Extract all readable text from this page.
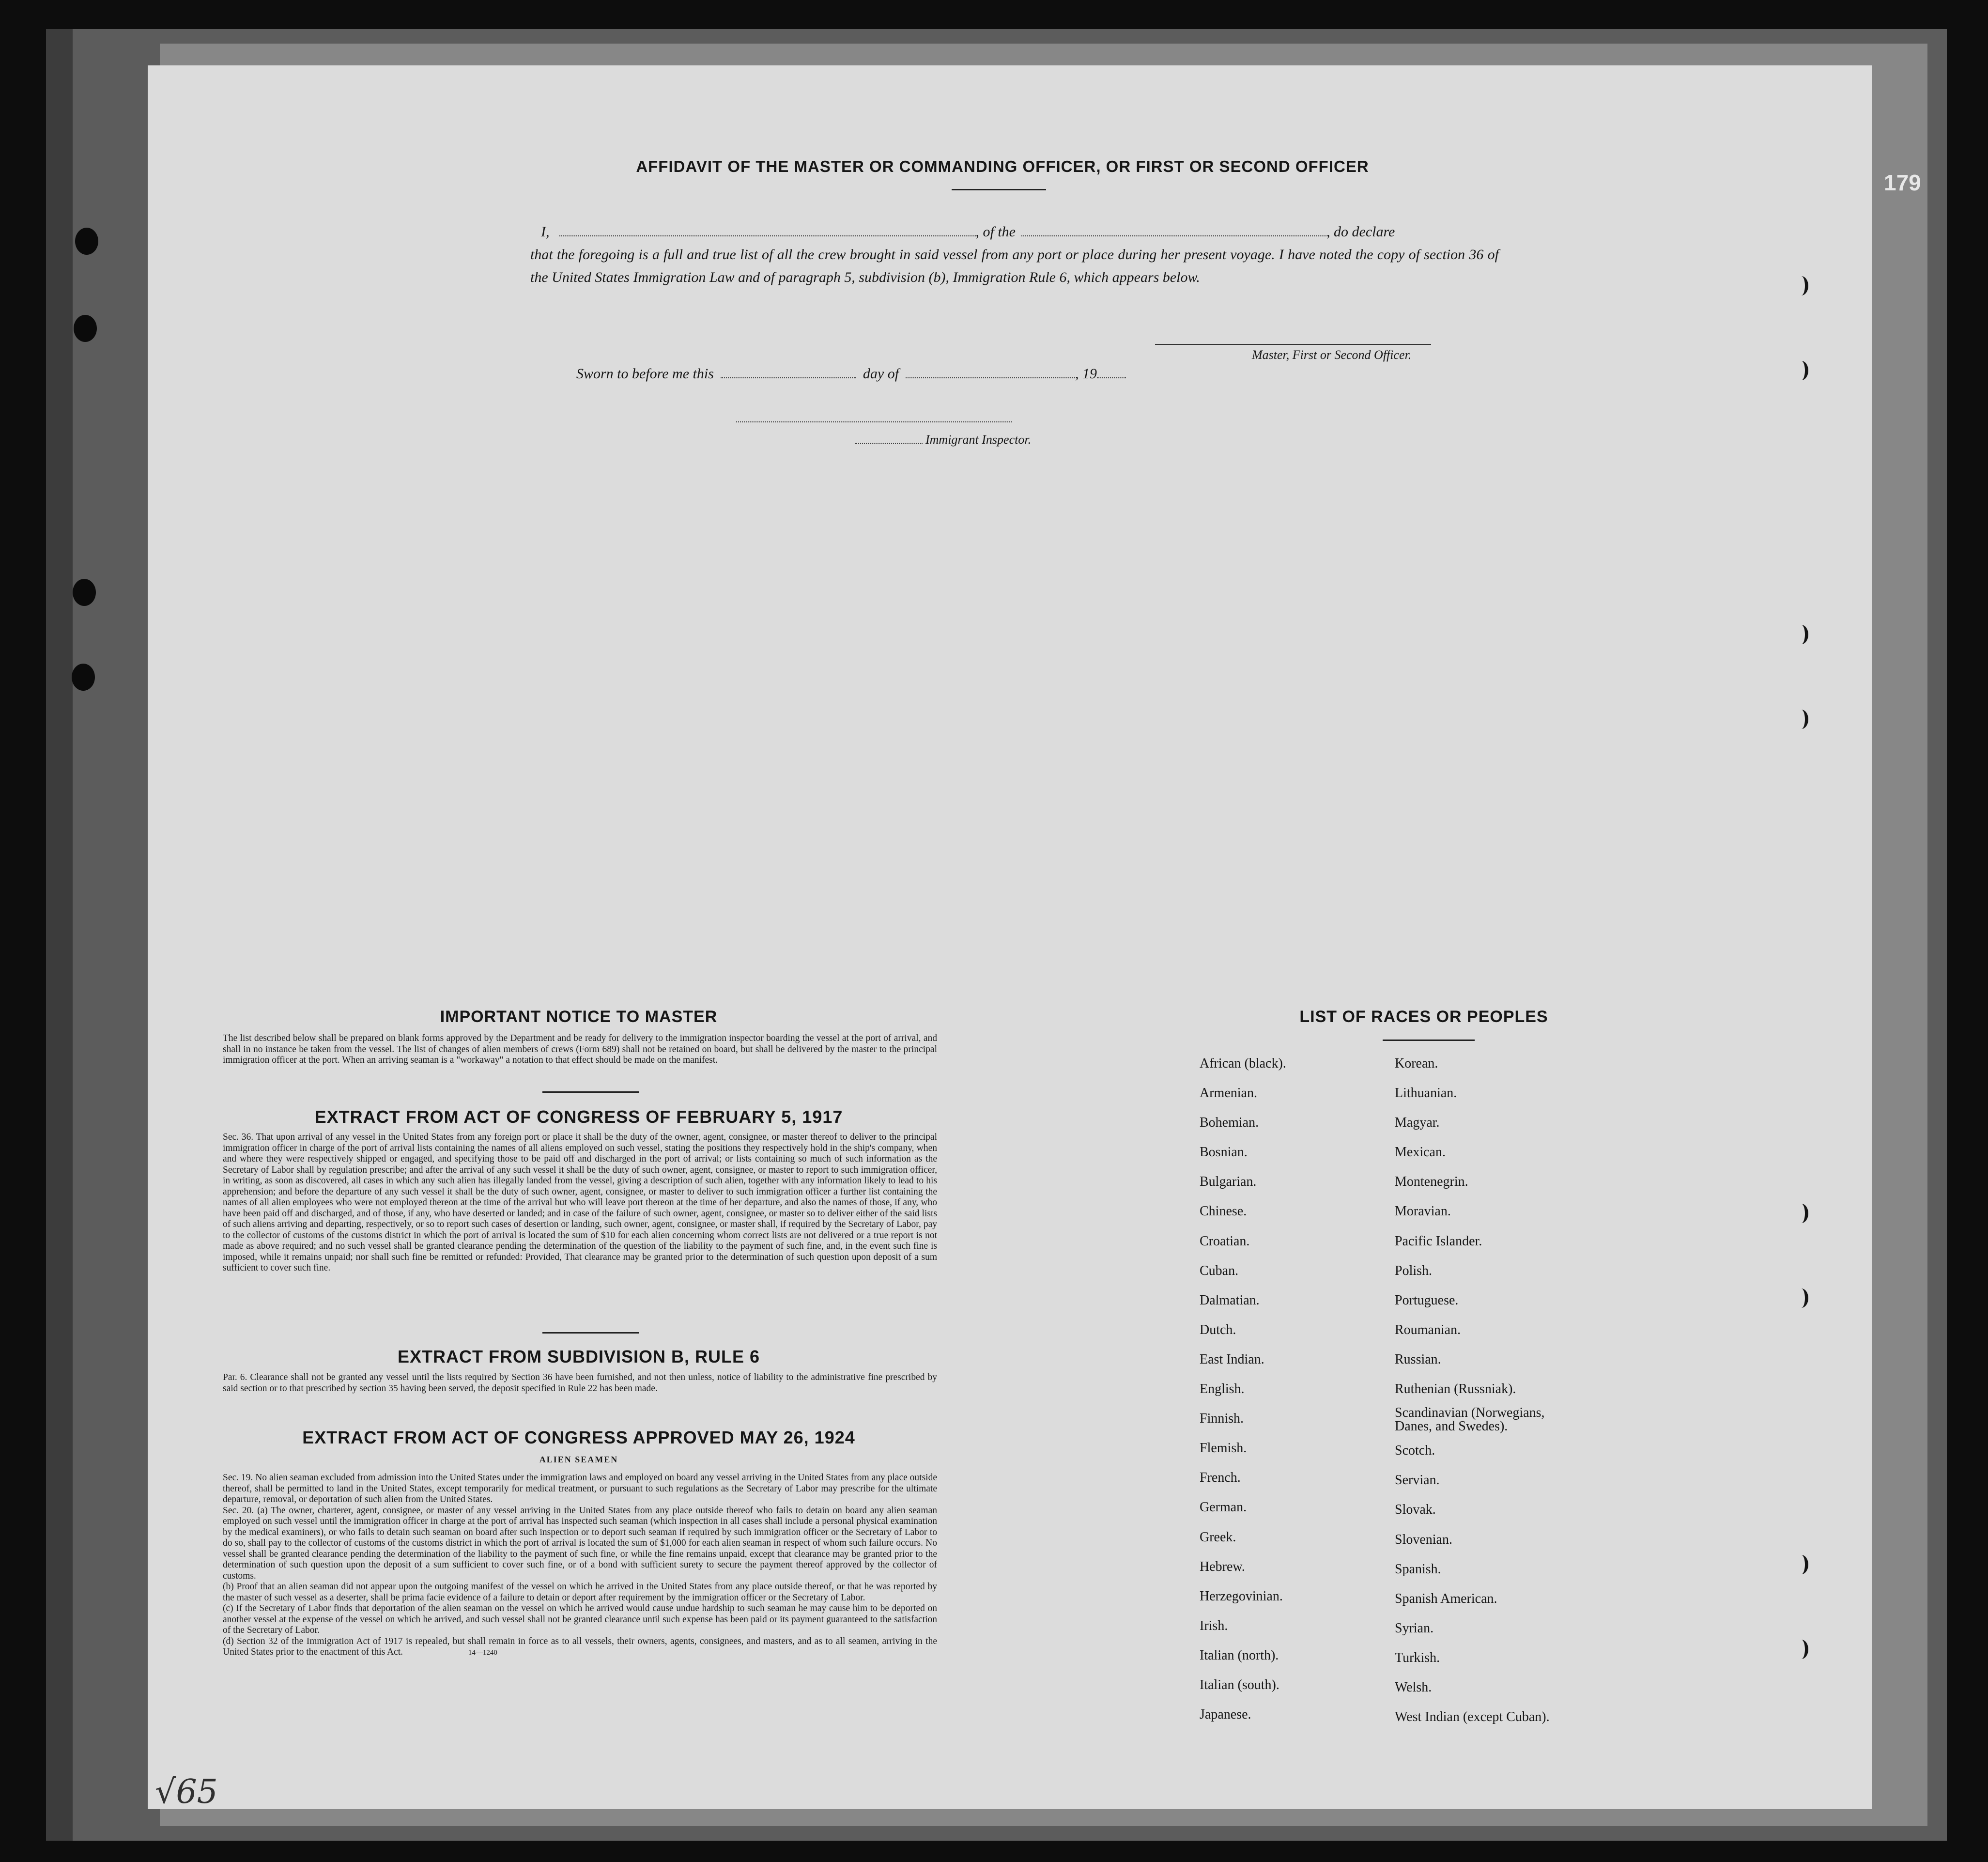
179
AFFIDAVIT OF THE MASTER OR COMMANDING OFFICER, OR FIRST OR SECOND OFFICER
I,	, of the	, do declare
that the foregoing is a full and true list of all the crew brought in said vessel from any port or place during her present voyage. I have noted the copy of section 36 of the United States Immigration Law and of paragraph 5, subdivision (b), Immigration Rule 6, which appears below.
Master, First or Second Officer.
Sworn to before me this	day of	, 19
Immigrant Inspector.
IMPORTANT NOTICE TO MASTER
The list described below shall be prepared on blank forms approved by the Department and be ready for delivery to the immigration inspector boarding the vessel at the port of arrival, and shall in no instance be taken from the vessel. The list of changes of alien members of crews (Form 689) shall not be retained on board, but shall be delivered by the master to the principal immigration officer at the port. When an arriving seaman is a "workaway" a notation to that effect should be made on the manifest.
EXTRACT FROM ACT OF CONGRESS OF FEBRUARY 5, 1917
Sec. 36. That upon arrival of any vessel in the United States from any foreign port or place it shall be the duty of the owner, agent, consignee, or master thereof to deliver to the principal immigration officer in charge of the port of arrival lists containing the names of all aliens employed on such vessel, stating the positions they respectively hold in the ship's company, when and where they were respectively shipped or engaged, and specifying those to be paid off and discharged in the port of arrival; or lists containing so much of such information as the Secretary of Labor shall by regulation prescribe; and after the arrival of any such vessel it shall be the duty of such owner, agent, consignee, or master to report to such immigration officer, in writing, as soon as discovered, all cases in which any such alien has illegally landed from the vessel, giving a description of such alien, together with any information likely to lead to his apprehension; and before the departure of any such vessel it shall be the duty of such owner, agent, consignee, or master to deliver to such immigration officer a further list containing the names of all alien employees who were not employed thereon at the time of the arrival but who will leave port thereon at the time of her departure, and also the names of those, if any, who have been paid off and discharged, and of those, if any, who have deserted or landed; and in case of the failure of such owner, agent, consignee, or master so to deliver either of the said lists of such aliens arriving and departing, respectively, or so to report such cases of desertion or landing, such owner, agent, consignee, or master shall, if required by the Secretary of Labor, pay to the collector of customs of the customs district in which the port of arrival is located the sum of $10 for each alien concerning whom correct lists are not delivered or a true report is not made as above required; and no such vessel shall be granted clearance pending the determination of the question of the liability to the payment of such fine, and, in the event such fine is imposed, while it remains unpaid; nor shall such fine be remitted or refunded: Provided, That clearance may be granted prior to the determination of such question upon deposit of a sum sufficient to cover such fine.
EXTRACT FROM SUBDIVISION B, RULE 6
Par. 6. Clearance shall not be granted any vessel until the lists required by Section 36 have been furnished, and not then unless, notice of liability to the administrative fine prescribed by said section or to that prescribed by section 35 having been served, the deposit specified in Rule 22 has been made.
EXTRACT FROM ACT OF CONGRESS APPROVED MAY 26, 1924
ALIEN SEAMEN
Sec. 19. No alien seaman excluded from admission into the United States under the immigration laws and employed on board any vessel arriving in the United States from any place outside thereof, shall be permitted to land in the United States, except temporarily for medical treatment, or pursuant to such regulations as the Secretary of Labor may prescribe for the ultimate departure, removal, or deportation of such alien from the United States.
Sec. 20. (a) The owner, charterer, agent, consignee, or master of any vessel arriving in the United States from any place outside thereof who fails to detain on board any alien seaman employed on such vessel until the immigration officer in charge at the port of arrival has inspected such seaman (which inspection in all cases shall include a personal physical examination by the medical examiners), or who fails to detain such seaman on board after such inspection or to deport such seaman if required by such immigration officer or the Secretary of Labor to do so, shall pay to the collector of customs of the customs district in which the port of arrival is located the sum of $1,000 for each alien seaman in respect of whom such failure occurs. No vessel shall be granted clearance pending the determination of the liability to the payment of such fine, or while the fine remains unpaid, except that clearance may be granted prior to the determination of such question upon the deposit of a sum sufficient to cover such fine, or of a bond with sufficient surety to secure the payment thereof approved by the collector of customs.
(b) Proof that an alien seaman did not appear upon the outgoing manifest of the vessel on which he arrived in the United States from any place outside thereof, or that he was reported by the master of such vessel as a deserter, shall be prima facie evidence of a failure to detain or deport after requirement by the immigration officer or the Secretary of Labor.
(c) If the Secretary of Labor finds that deportation of the alien seaman on the vessel on which he arrived would cause undue hardship to such seaman he may cause him to be deported on another vessel at the expense of the vessel on which he arrived, and such vessel shall not be granted clearance until such expense has been paid or its payment guaranteed to the satisfaction of the Secretary of Labor.
(d) Section 32 of the Immigration Act of 1917 is repealed, but shall remain in force as to all vessels, their owners, agents, consignees, and masters, and as to all seamen, arriving in the United States prior to the enactment of this Act.	14—1240
LIST OF RACES OR PEOPLES
African (black).
Armenian.
Bohemian.
Bosnian.
Bulgarian.
Chinese.
Croatian.
Cuban.
Dalmatian.
Dutch.
East Indian.
English.
Finnish.
Flemish.
French.
German.
Greek.
Hebrew.
Herzegovinian.
Irish.
Italian (north).
Italian (south).
Japanese.
Korean.
Lithuanian.
Magyar.
Mexican.
Montenegrin.
Moravian.
Pacific Islander.
Polish.
Portuguese.
Roumanian.
Russian.
Ruthenian (Russniak).
Scandinavian (Norwegians,
Danes, and Swedes).
Scotch.
Servian.
Slovak.
Slovenian.
Spanish.
Spanish American.
Syrian.
Turkish.
Welsh.
West Indian (except Cuban).
√65
